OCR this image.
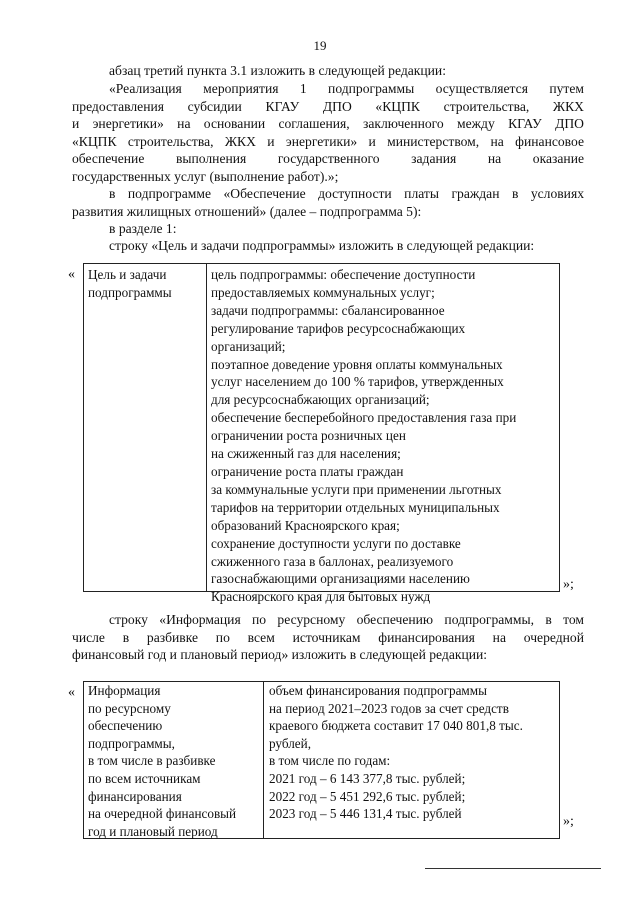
19

абзац третий пункта 3.1 изложить в следующей редакции:

«Реализация мероприятия 1 подпрограммы осуществляется путем
предоставления субсидии КГАУ ДПО «КЦПК строительства, ЖКХ
и энергетики» на основании соглашения, заключенного между КГАУ ДПО
«КЦПК строительства, ЖКХ и энергетики» и министерством, на финансовое
обеспечение выполнения государственного задания на оказание
государственных услуг (выполнение работ).»;
в подпрограмме «Обеспечение доступности платы граждан в условиях
развития жилищных отношений» (далее – подпрограмма 5):

в разделе 1:

строку «Цель и задачи подпрограммы» изложить в следующей редакции:

« Цель и задачи
подпрограммы
цель подпрограммы: обеспечение доступности
предоставляемых коммунальных услуг;
задачи подпрограммы: сбалансированное
регулирование тарифов ресурсоснабжающих
организаций;
поэтапное доведение уровня оплаты коммунальных
услуг населением до 100 % тарифов, утвержденных
для ресурсоснабжающих организаций;
обеспечение бесперебойного предоставления газа при
ограничении роста розничных цен
на сжиженный газ для населения;
ограничение роста платы граждан
за коммунальные услуги при применении льготных
тарифов на территории отдельных муниципальных
образований Красноярского края;
сохранение доступности услуги по доставке
сжиженного газа в баллонах, реализуемого
газоснабжающими организациями населению
Красноярского края для бытовых нужд
»;
строку «Информация по ресурсному обеспечению подпрограммы, в том
числе в разбивке по всем источникам финансирования на очередной
финансовый год и плановый период» изложить в следующей редакции:
« Информация
по ресурсному
обеспечению
подпрограммы,
в том числе в разбивке
по всем источникам
финансирования
на очередной финансовый
год и плановый период
объем финансирования подпрограммы
на период 2021–2023 годов за счет средств
краевого бюджета составит 17 040 801,8 тыс.
рублей,
в том числе по годам:
2021 год – 6 143 377,8 тыс. рублей;
2022 год – 5 451 292,6 тыс. рублей;
2023 год – 5 446 131,4 тыс. рублей
»;
